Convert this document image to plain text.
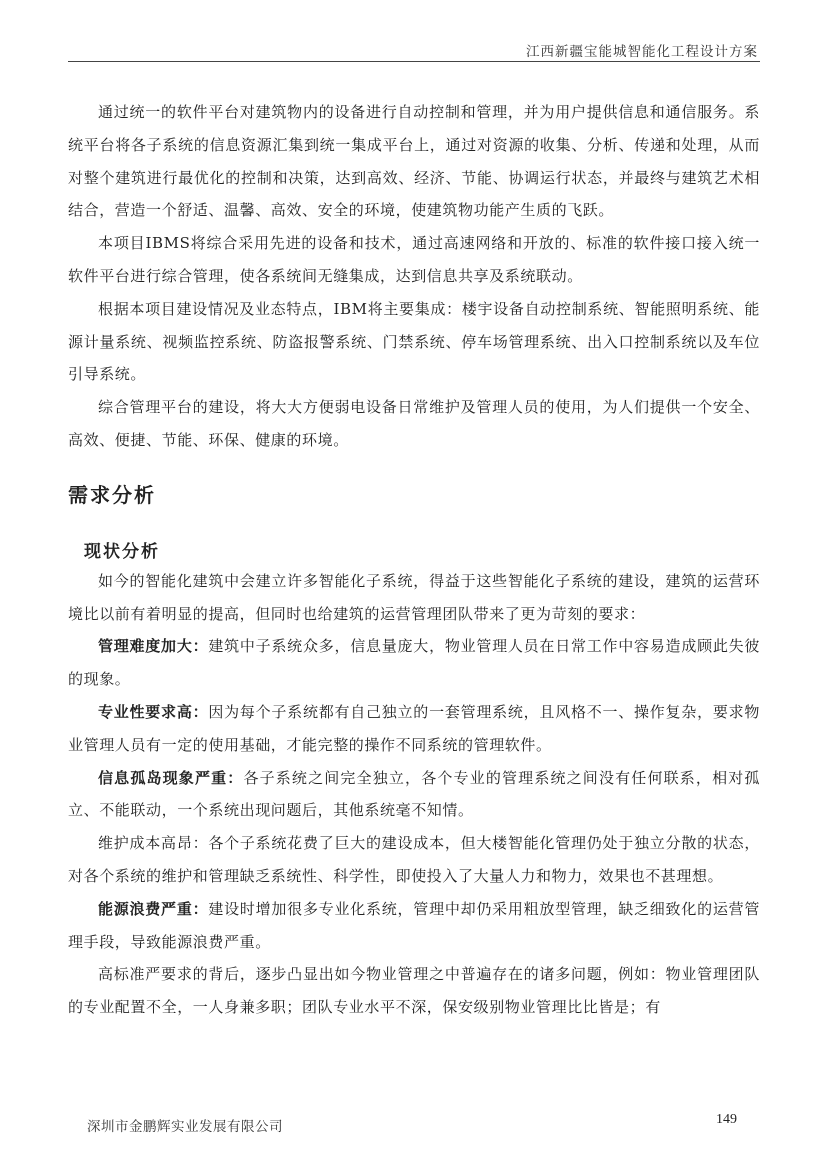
江西新疆宝能城智能化工程设计方案

通过统一的软件平台对建筑物内的设备进行自动控制和管理，并为用户提供信息和通信服务。系统平台将各子系统的信息资源汇集到统一集成平台上，通过对资源的收集、分析、传递和处理，从而对整个建筑进行最优化的控制和决策，达到高效、经济、节能、协调运行状态，并最终与建筑艺术相结合，营造一个舒适、温馨、高效、安全的环境，使建筑物功能产生质的飞跃。

本项目IBMS将综合采用先进的设备和技术，通过高速网络和开放的、标准的软件接口接入统一软件平台进行综合管理，使各系统间无缝集成，达到信息共享及系统联动。

根据本项目建设情况及业态特点，IBM将主要集成：楼宇设备自动控制系统、智能照明系统、能源计量系统、视频监控系统、防盗报警系统、门禁系统、停车场管理系统、出入口控制系统以及车位引导系统。

综合管理平台的建设，将大大方便弱电设备日常维护及管理人员的使用，为人们提供一个安全、高效、便捷、节能、环保、健康的环境。

需求分析
现状分析

如今的智能化建筑中会建立许多智能化子系统，得益于这些智能化子系统的建设，建筑的运营环境比以前有着明显的提高，但同时也给建筑的运营管理团队带来了更为苛刻的要求：

管理难度加大：建筑中子系统众多，信息量庞大，物业管理人员在日常工作中容易造成顾此失彼的现象。

专业性要求高：因为每个子系统都有自己独立的一套管理系统，且风格不一、操作复杂，要求物业管理人员有一定的使用基础，才能完整的操作不同系统的管理软件。

信息孤岛现象严重：各子系统之间完全独立，各个专业的管理系统之间没有任何联系，相对孤立、不能联动，一个系统出现问题后，其他系统毫不知情。

维护成本高昂：各个子系统花费了巨大的建设成本，但大楼智能化管理仍处于独立分散的状态，对各个系统的维护和管理缺乏系统性、科学性，即使投入了大量人力和物力，效果也不甚理想。

能源浪费严重：建设时增加很多专业化系统，管理中却仍采用粗放型管理，缺乏细致化的运营管理手段，导致能源浪费严重。

高标准严要求的背后，逐步凸显出如今物业管理之中普遍存在的诸多问题，例如：物业管理团队的专业配置不全，一人身兼多职；团队专业水平不深，保安级别物业管理比比皆是；有

深圳市金鹏辉实业发展有限公司	149
